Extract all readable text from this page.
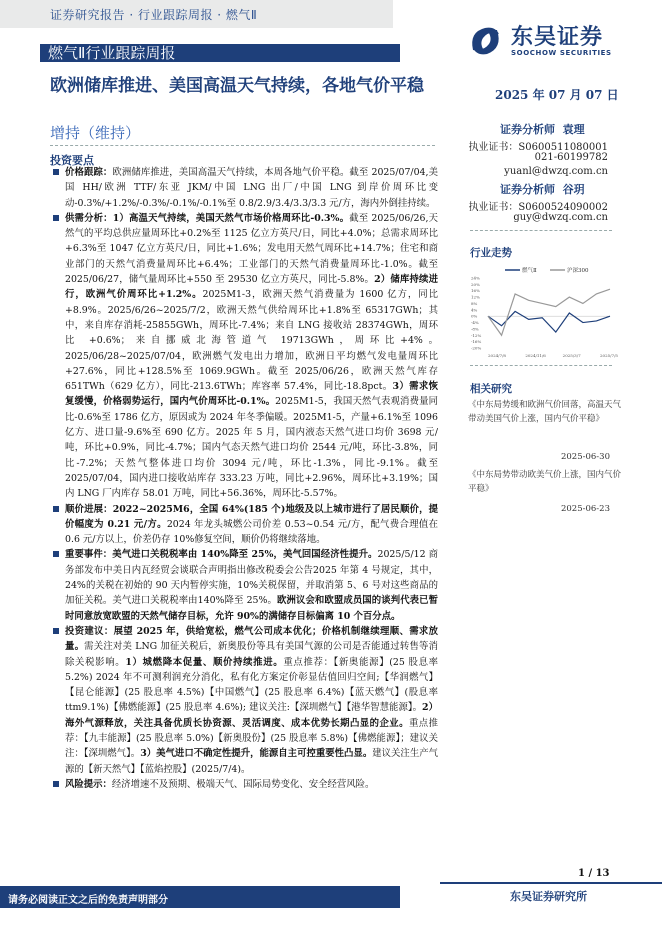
证券研究报告 · 行业跟踪周报 · 燃气Ⅱ
燃气Ⅱ行业跟踪周报
东吴证券
SOOCHOW SECURITIES
欧洲储库推进、美国高温天气持续，各地气价平稳
增持（维持）
2025 年 07 月 07 日
证券分析师 袁理
执业证书：S0600511080001
021-60199782
yuanl@dwzq.com.cn
证券分析师 谷玥
执业证书：S0600524090002
guy@dwzq.com.cn
行业走势
燃气Ⅱ	沪深300
24%
20%
16%
12%
8%
4%
0%
-4%
-8%
-12%
-16%
-20%
2024/7/8	2024/11/6	2025/3/7	2025/7/5
相关研究
《中东局势缓和欧洲气价回落，高温天气带动美国气价上涨，国内气价平稳》
2025-06-30
《中东局势带动欧美气价上涨，国内气价平稳》
2025-06-23
投资要点

价格跟踪：欧洲储库推进，美国高温天气持续，本周各地气价平稳。截至 2025/07/04,美国 HH/欧洲 TTF/东亚 JKM/中国 LNG 出厂/中国 LNG 到岸价周环比变动-0.3%/+1.2%/-0.3%/-0.1%/-0.1%至 0.8/2.9/3.4/3.3/3.3 元/方，海内外倒挂持续。

供需分析：1）高温天气持续，美国天然气市场价格周环比-0.3%。截至 2025/06/26,天然气的平均总供应量周环比+0.2%至 1125 亿立方英尺/日，同比+4.0%；总需求周环比+6.3%至 1047 亿立方英尺/日，同比+1.6%；发电用天然气周环比+14.7%；住宅和商业部门的天然气消费量周环比+6.4%；工业部门的天然气消费量周环比-1.0%。截至 2025/06/27，储气量周环比+550 至 29530 亿立方英尺，同比-5.8%。2）储库持续进行，欧洲气价周环比+1.2%。2025M1-3，欧洲天然气消费量为 1600 亿方，同比+8.9%。2025/6/26~2025/7/2，欧洲天然气供给周环比+1.8%至 65317GWh；其中，来自库存消耗-25855GWh，周环比-7.4%；来自 LNG 接收站 28374GWh，周环比 +0.6%；来自挪威北海管道气 19713GWh，周环比+4%。2025/06/28~2025/07/04，欧洲燃气发电出力增加，欧洲日平均燃气发电量周环比+27.6%，同比+128.5%至 1069.9GWh。截至 2025/06/26，欧洲天然气库存 651TWh（629 亿方），同比-213.6TWh；库容率 57.4%，同比-18.8pct。3）需求恢复缓慢，价格弱势运行，国内气价周环比-0.1%。2025M1-5，我国天然气表观消费量同比-0.6%至 1786 亿方，原因或为 2024 年冬季偏暖。2025M1-5，产量+6.1%至 1096 亿方、进口量-9.6%至 690 亿方。2025 年 5 月，国内液态天然气进口均价 3698 元/吨，环比+0.9%，同比-4.7%；国内气态天然气进口均价 2544 元/吨，环比-3.8%，同比-7.2%；天然气整体进口均价 3094 元/吨，环比-1.3%，同比-9.1%。截至 2025/07/04，国内进口接收站库存 333.23 万吨，同比+2.96%，周环比+3.19%；国内 LNG 厂内库存 58.01 万吨，同比+56.36%，周环比-5.57%。

顺价进展：2022~2025M6，全国 64%(185 个)地级及以上城市进行了居民顺价，提价幅度为 0.21 元/方。2024 年龙头城燃公司价差 0.53~0.54 元/方，配气费合理值在 0.6 元/方以上，价差仍存 10%修复空间，顺价仍将继续落地。

重要事件：美气进口关税税率由 140%降至 25%，美气回国经济性提升。2025/5/12 商务部发布中美日内瓦经贸会谈联合声明指出修改税委会公告2025 年第 4 号规定，其中，24%的关税在初始的 90 天内暂停实施，10%关税保留，并取消第 5、6 号对这些商品的加征关税。美气进口关税税率由140%降至 25%。欧洲议会和欧盟成员国的谈判代表已暂时同意放宽欧盟的天然气储存目标，允许 90%的满储存目标偏离 10 个百分点。

投资建议：展望 2025 年，供给宽松，燃气公司成本优化；价格机制继续理顺、需求放量。需关注对美 LNG 加征关税后，新奥股份等具有美国气源的公司是否能通过转售等消除关税影响。1）城燃降本促量、顺价持续推进。重点推荐：【新奥能源】(25 股息率 5.2%) 2024 年不可测利润充分消化，私有化方案定价彰显估值回归空间;【华润燃气】【昆仑能源】(25 股息率 4.5%)【中国燃气】(25 股息率 6.4%)【蓝天燃气】(股息率 ttm9.1%)【佛燃能源】(25 股息率 4.6%); 建议关注:【深圳燃气】【港华智慧能源】。2）海外气源释放，关注具备优质长协资源、灵活调度、成本优势长期凸显的企业。重点推荐：【九丰能源】(25 股息率 5.0%)【新奥股份】(25 股息率 5.8%)【佛燃能源】；建议关注：【深圳燃气】。3）美气进口不确定性提升，能源自主可控重要性凸显。建议关注生产气源的【新天然气】【蓝焰控股】(2025/7/4)。

风险提示：经济增速不及预期、极端天气、国际局势变化、安全经营风险。

1 / 13
请务必阅读正文之后的免责声明部分	东吴证券研究所
